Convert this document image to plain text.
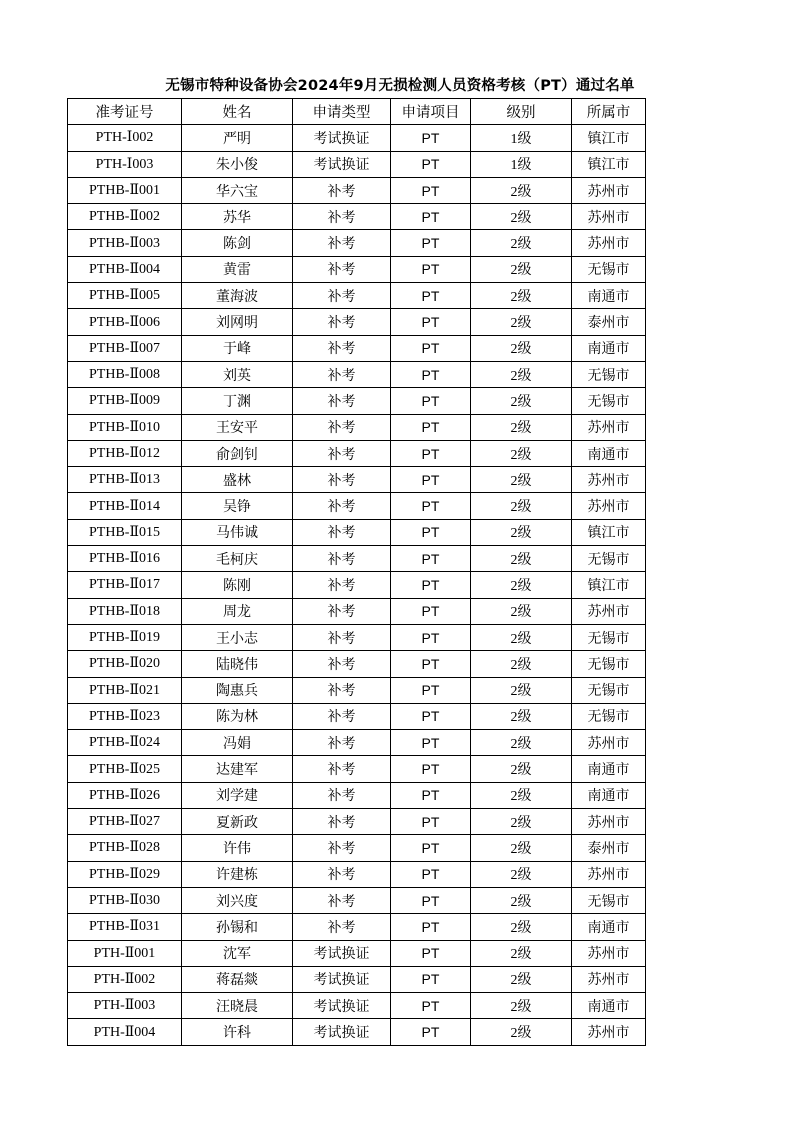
无锡市特种设备协会2024年9月无损检测人员资格考核（PT）通过名单
准考证号	姓名	申请类型	申请项目	级别	所属市
PTH-Ⅰ002	严明	考试换证	PT	1级	镇江市
PTH-Ⅰ003	朱小俊	考试换证	PT	1级	镇江市
PTHB-Ⅱ001	华六宝	补考	PT	2级	苏州市
PTHB-Ⅱ002	苏华	补考	PT	2级	苏州市
PTHB-Ⅱ003	陈剑	补考	PT	2级	苏州市
PTHB-Ⅱ004	黄雷	补考	PT	2级	无锡市
PTHB-Ⅱ005	董海波	补考	PT	2级	南通市
PTHB-Ⅱ006	刘网明	补考	PT	2级	泰州市
PTHB-Ⅱ007	于峰	补考	PT	2级	南通市
PTHB-Ⅱ008	刘英	补考	PT	2级	无锡市
PTHB-Ⅱ009	丁渊	补考	PT	2级	无锡市
PTHB-Ⅱ010	王安平	补考	PT	2级	苏州市
PTHB-Ⅱ012	俞剑钊	补考	PT	2级	南通市
PTHB-Ⅱ013	盛林	补考	PT	2级	苏州市
PTHB-Ⅱ014	吴铮	补考	PT	2级	苏州市
PTHB-Ⅱ015	马伟诚	补考	PT	2级	镇江市
PTHB-Ⅱ016	毛柯庆	补考	PT	2级	无锡市
PTHB-Ⅱ017	陈刚	补考	PT	2级	镇江市
PTHB-Ⅱ018	周龙	补考	PT	2级	苏州市
PTHB-Ⅱ019	王小志	补考	PT	2级	无锡市
PTHB-Ⅱ020	陆晓伟	补考	PT	2级	无锡市
PTHB-Ⅱ021	陶惠兵	补考	PT	2级	无锡市
PTHB-Ⅱ023	陈为林	补考	PT	2级	无锡市
PTHB-Ⅱ024	冯娟	补考	PT	2级	苏州市
PTHB-Ⅱ025	达建军	补考	PT	2级	南通市
PTHB-Ⅱ026	刘学建	补考	PT	2级	南通市
PTHB-Ⅱ027	夏新政	补考	PT	2级	苏州市
PTHB-Ⅱ028	许伟	补考	PT	2级	泰州市
PTHB-Ⅱ029	许建栋	补考	PT	2级	苏州市
PTHB-Ⅱ030	刘兴度	补考	PT	2级	无锡市
PTHB-Ⅱ031	孙锡和	补考	PT	2级	南通市
PTH-Ⅱ001	沈军	考试换证	PT	2级	苏州市
PTH-Ⅱ002	蒋磊燚	考试换证	PT	2级	苏州市
PTH-Ⅱ003	汪晓晨	考试换证	PT	2级	南通市
PTH-Ⅱ004	许科	考试换证	PT	2级	苏州市
